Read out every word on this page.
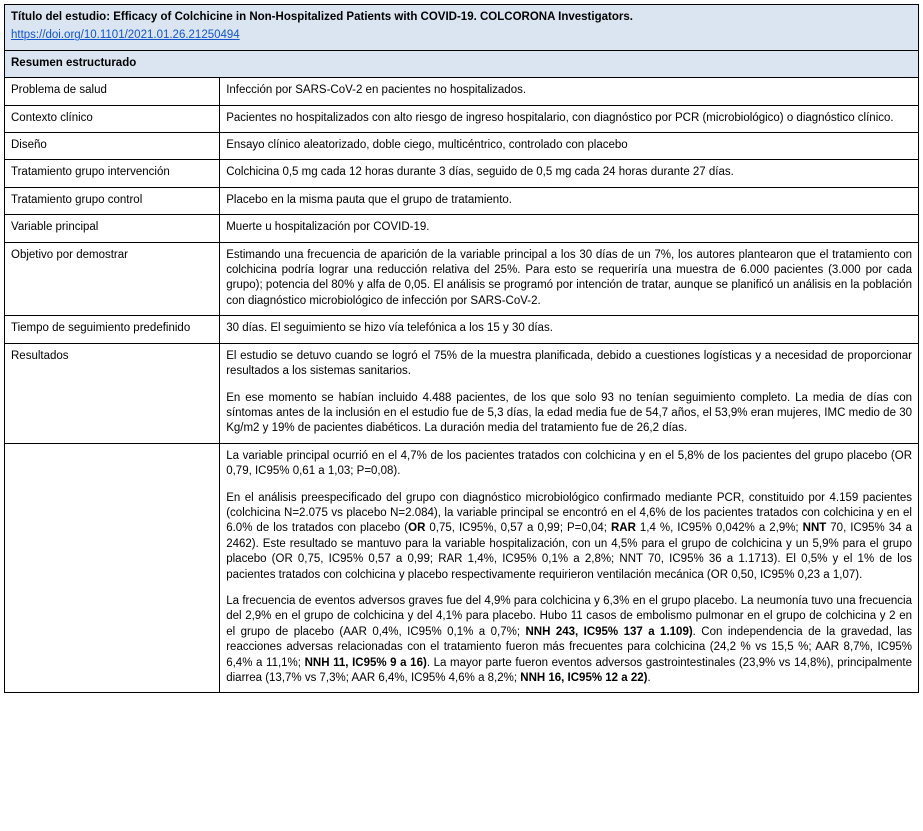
Título del estudio: Efficacy of Colchicine in Non-Hospitalized Patients with COVID-19. COLCORONA Investigators.
https://doi.org/10.1101/2021.01.26.21250494	
Resumen estructurado	
Problema de salud	Infección por SARS-CoV-2 en pacientes no hospitalizados.

Contexto clínico	Pacientes no hospitalizados con alto riesgo de ingreso hospitalario, con diagnóstico por PCR (microbiológico) o diagnóstico clínico.

Diseño	Ensayo clínico aleatorizado, doble ciego, multicéntrico, controlado con placebo

Tratamiento grupo intervención	Colchicina 0,5 mg cada 12 horas durante 3 días, seguido de 0,5 mg cada 24 horas durante 27 días.

Tratamiento grupo control	Placebo en la misma pauta que el grupo de tratamiento.

Variable principal	Muerte u hospitalización por COVID-19.

Objetivo por demostrar	Estimando una frecuencia de aparición de la variable principal a los 30 días de un 7%, los autores plantearon que el tratamiento con colchicina podría lograr una reducción relativa del 25%. Para esto se requeriría una muestra de 6.000 pacientes (3.000 por cada grupo); potencia del 80% y alfa de 0,05. El análisis se programó por intención de tratar, aunque se planificó un análisis en la población con diagnóstico microbiológico de infección por SARS-CoV-2.

Tiempo de seguimiento predefinido	30 días. El seguimiento se hizo vía telefónica a los 15 y 30 días.

Resultados	El estudio se detuvo cuando se logró el 75% de la muestra planificada, debido a cuestiones logísticas y a necesidad de proporcionar resultados a los sistemas sanitarios.

En ese momento se habían incluido 4.488 pacientes, de los que solo 93 no tenían seguimiento completo. La media de días con síntomas antes de la inclusión en el estudio fue de 5,3 días, la edad media fue de 54,7 años, el 53,9% eran mujeres, IMC medio de 30 Kg/m2 y 19% de pacientes diabéticos. La duración media del tratamiento fue de 26,2 días.

	La variable principal ocurrió en el 4,7% de los pacientes tratados con colchicina y en el 5,8% de los pacientes del grupo placebo (OR 0,79, IC95% 0,61 a 1,03; P=0,08).

En el análisis preespecificado del grupo con diagnóstico microbiológico confirmado mediante PCR, constituido por 4.159 pacientes (colchicina N=2.075 vs placebo N=2.084), la variable principal se encontró en el 4,6% de los pacientes tratados con colchicina y en el 6.0% de los tratados con placebo (OR 0,75, IC95%, 0,57 a 0,99; P=0,04; RAR 1,4 %, IC95% 0,042% a 2,9%; NNT 70, IC95% 34 a 2462). Este resultado se mantuvo para la variable hospitalización, con un 4,5% para el grupo de colchicina y un 5,9% para el grupo placebo (OR 0,75, IC95% 0,57 a 0,99; RAR 1,4%, IC95% 0,1% a 2,8%; NNT 70, IC95% 36 a 1.1713). El 0,5% y el 1% de los pacientes tratados con colchicina y placebo respectivamente requirieron ventilación mecánica (OR 0,50, IC95% 0,23 a 1,07).

La frecuencia de eventos adversos graves fue del 4,9% para colchicina y 6,3% en el grupo placebo. La neumonía tuvo una frecuencia del 2,9% en el grupo de colchicina y del 4,1% para placebo. Hubo 11 casos de embolismo pulmonar en el grupo de colchicina y 2 en el grupo de placebo (AAR 0,4%, IC95% 0,1% a 0,7%; NNH 243, IC95% 137 a 1.109). Con independencia de la gravedad, las reacciones adversas relacionadas con el tratamiento fueron más frecuentes para colchicina (24,2 % vs 15,5 %; AAR 8,7%, IC95% 6,4% a 11,1%; NNH 11, IC95% 9 a 16). La mayor parte fueron eventos adversos gastrointestinales (23,9% vs 14,8%), principalmente diarrea (13,7% vs 7,3%; AAR 6,4%, IC95% 4,6% a 8,2%; NNH 16, IC95% 12 a 22).
